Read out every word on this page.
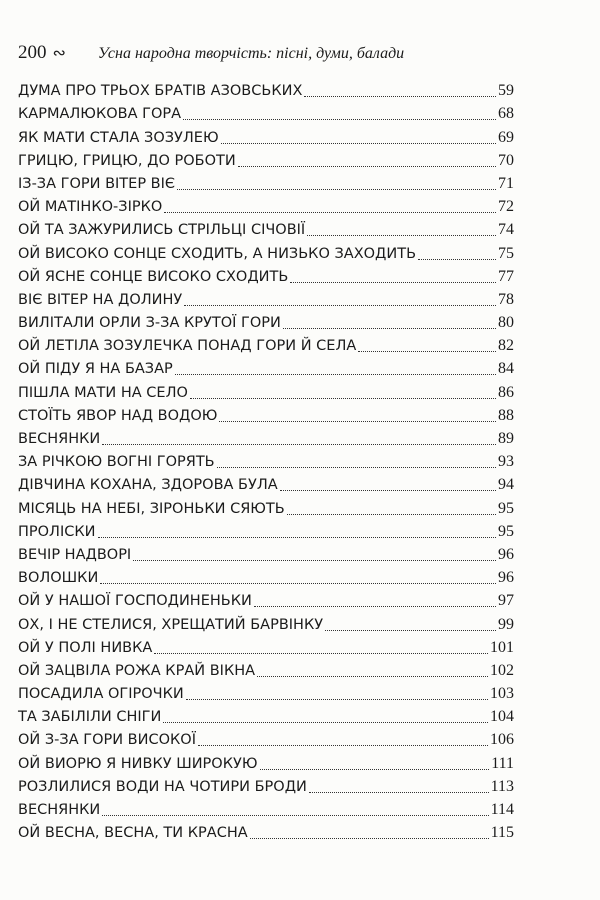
200 ∾ Усна народна творчість: пісні, думи, балади
ДУМА ПРО ТРЬОХ БРАТІВ АЗОВСЬКИХ	59
КАРМАЛЮКОВА ГОРА	68
ЯК МАТИ СТАЛА ЗОЗУЛЕЮ	69
ГРИЦЮ, ГРИЦЮ, ДО РОБОТИ	70
ІЗ-ЗА ГОРИ ВІТЕР ВІЄ	71
ОЙ МАТІНКО-ЗІРКО	72
ОЙ ТА ЗАЖУРИЛИСЬ СТРІЛЬЦІ СІЧОВІЇ	74
ОЙ ВИСОКО СОНЦЕ СХОДИТЬ, А НИЗЬКО ЗАХОДИТЬ	75
ОЙ ЯСНЕ СОНЦЕ ВИСОКО СХОДИТЬ	77
ВІЄ ВІТЕР НА ДОЛИНУ	78
ВИЛІТАЛИ ОРЛИ З-ЗА КРУТОЇ ГОРИ	80
ОЙ ЛЕТІЛА ЗОЗУЛЕЧКА ПОНАД ГОРИ Й СЕЛА	82
ОЙ ПІДУ Я НА БАЗАР	84
ПІШЛА МАТИ НА СЕЛО	86
СТОЇТЬ ЯВОР НАД ВОДОЮ	88
ВЕСНЯНКИ	89
ЗА РІЧКОЮ ВОГНІ ГОРЯТЬ	93
ДІВЧИНА КОХАНА, ЗДОРОВА БУЛА	94
МІСЯЦЬ НА НЕБІ, ЗІРОНЬКИ СЯЮТЬ	95
ПРОЛІСКИ	95
ВЕЧІР НАДВОРІ	96
ВОЛОШКИ	96
ОЙ У НАШОЇ ГОСПОДИНЕНЬКИ	97
ОХ, І НЕ СТЕЛИСЯ, ХРЕЩАТИЙ БАРВІНКУ	99
ОЙ У ПОЛІ НИВКА	101
ОЙ ЗАЦВІЛА РОЖА КРАЙ ВІКНА	102
ПОСАДИЛА ОГІРОЧКИ	103
ТА ЗАБІЛІЛИ СНІГИ	104
ОЙ З-ЗА ГОРИ ВИСОКОЇ	106
ОЙ ВИОРЮ Я НИВКУ ШИРОКУЮ	111
РОЗЛИЛИСЯ ВОДИ НА ЧОТИРИ БРОДИ	113
ВЕСНЯНКИ	114
ОЙ ВЕСНА, ВЕСНА, ТИ КРАСНА	115
